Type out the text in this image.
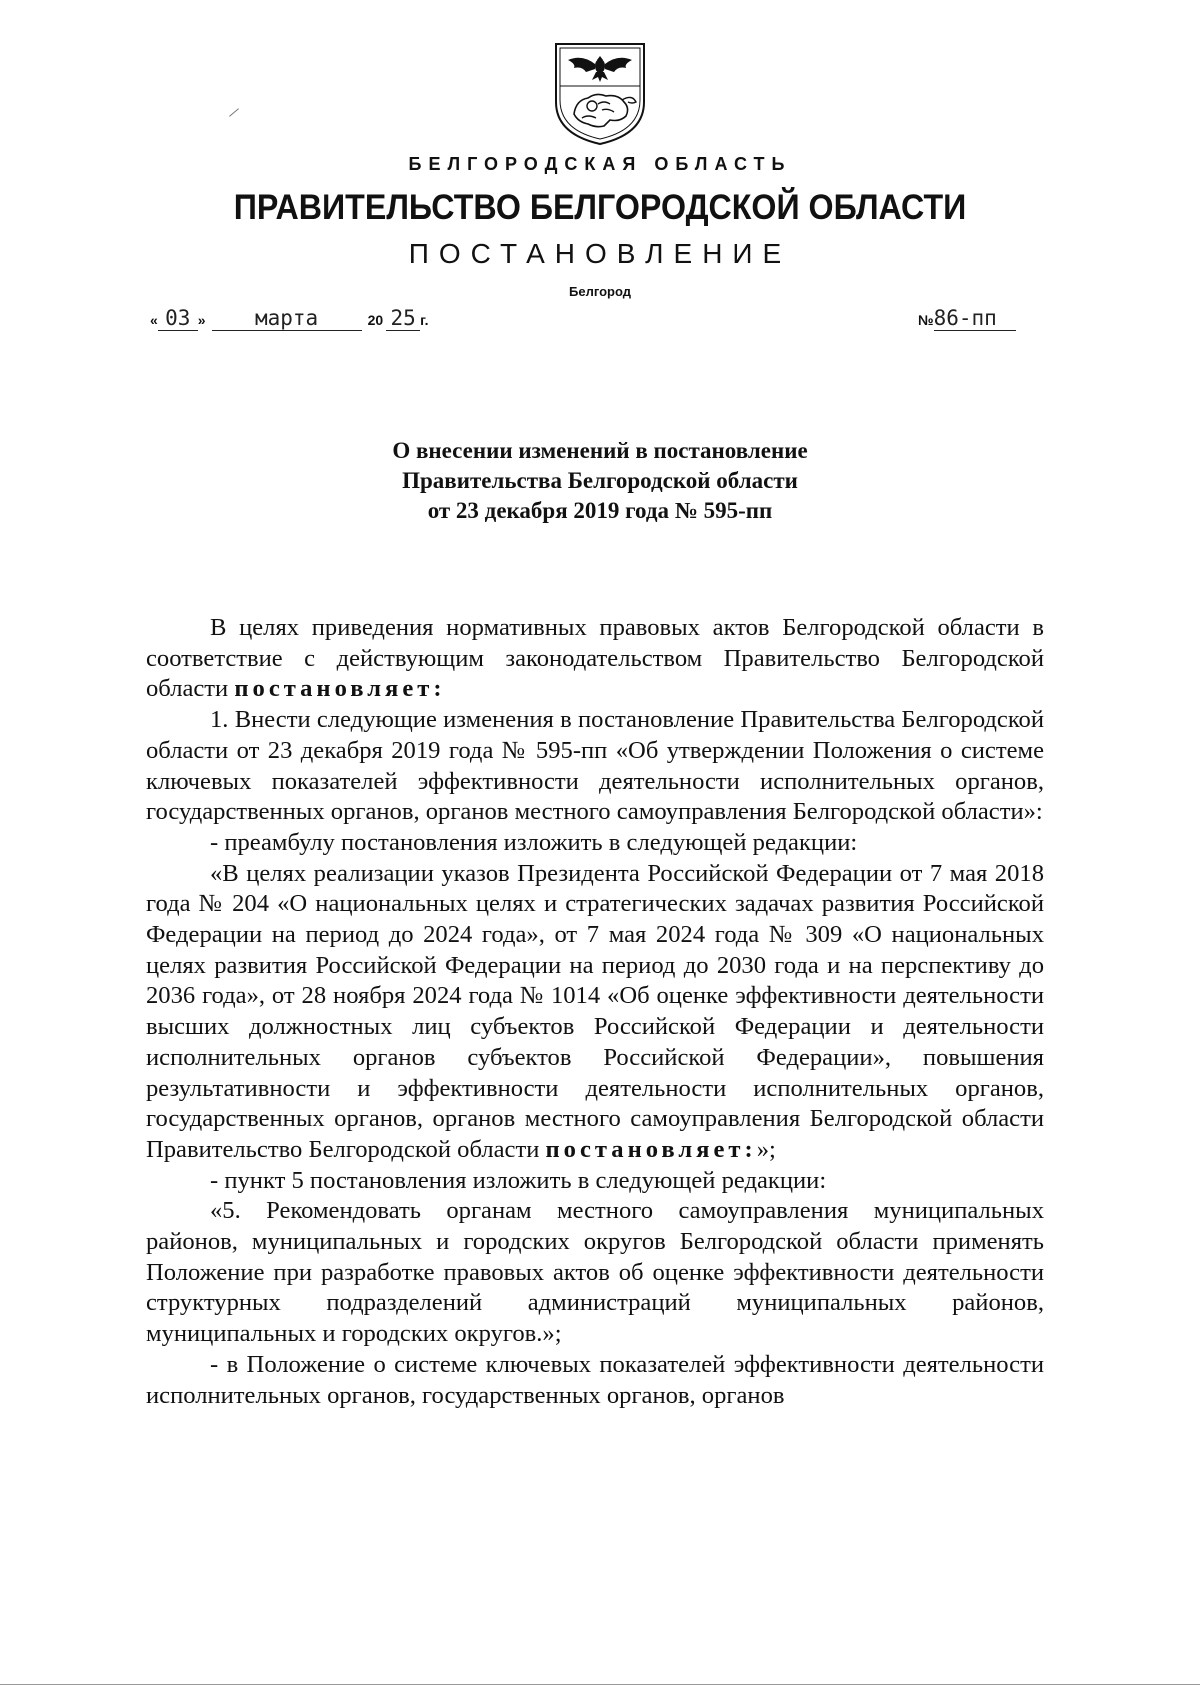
БЕЛГОРОДСКАЯ ОБЛАСТЬ
ПРАВИТЕЛЬСТВО БЕЛГОРОДСКОЙ ОБЛАСТИ
ПОСТАНОВЛЕНИЕ
Белгород
« 03 » марта	20 25 г.	№86-пп
О внесении изменений в постановление
Правительства Белгородской области
от 23 декабря 2019 года № 595-пп

В целях приведения нормативных правовых актов Белгородской области в соответствие с действующим законодательством Правительство Белгородской области постановляет:

1. Внести следующие изменения в постановление Правительства Белгородской области от 23 декабря 2019 года № 595-пп «Об утверждении Положения о системе ключевых показателей эффективности деятельности исполнительных органов, государственных органов, органов местного самоуправления Белгородской области»:

- преамбулу постановления изложить в следующей редакции:

«В целях реализации указов Президента Российской Федерации от 7 мая 2018 года № 204 «О национальных целях и стратегических задачах развития Российской Федерации на период до 2024 года», от 7 мая 2024 года № 309 «О национальных целях развития Российской Федерации на период до 2030 года и на перспективу до 2036 года», от 28 ноября 2024 года № 1014 «Об оценке эффективности деятельности высших должностных лиц субъектов Российской Федерации и деятельности исполнительных органов субъектов Российской Федерации», повышения результативности и эффективности деятельности исполнительных органов, государственных органов, органов местного самоуправления Белгородской области Правительство Белгородской области постановляет:»;

- пункт 5 постановления изложить в следующей редакции:

«5. Рекомендовать органам местного самоуправления муниципальных районов, муниципальных и городских округов Белгородской области применять Положение при разработке правовых актов об оценке эффективности деятельности структурных подразделений администраций муниципальных районов, муниципальных и городских округов.»;

- в Положение о системе ключевых показателей эффективности деятельности исполнительных органов, государственных органов, органов
